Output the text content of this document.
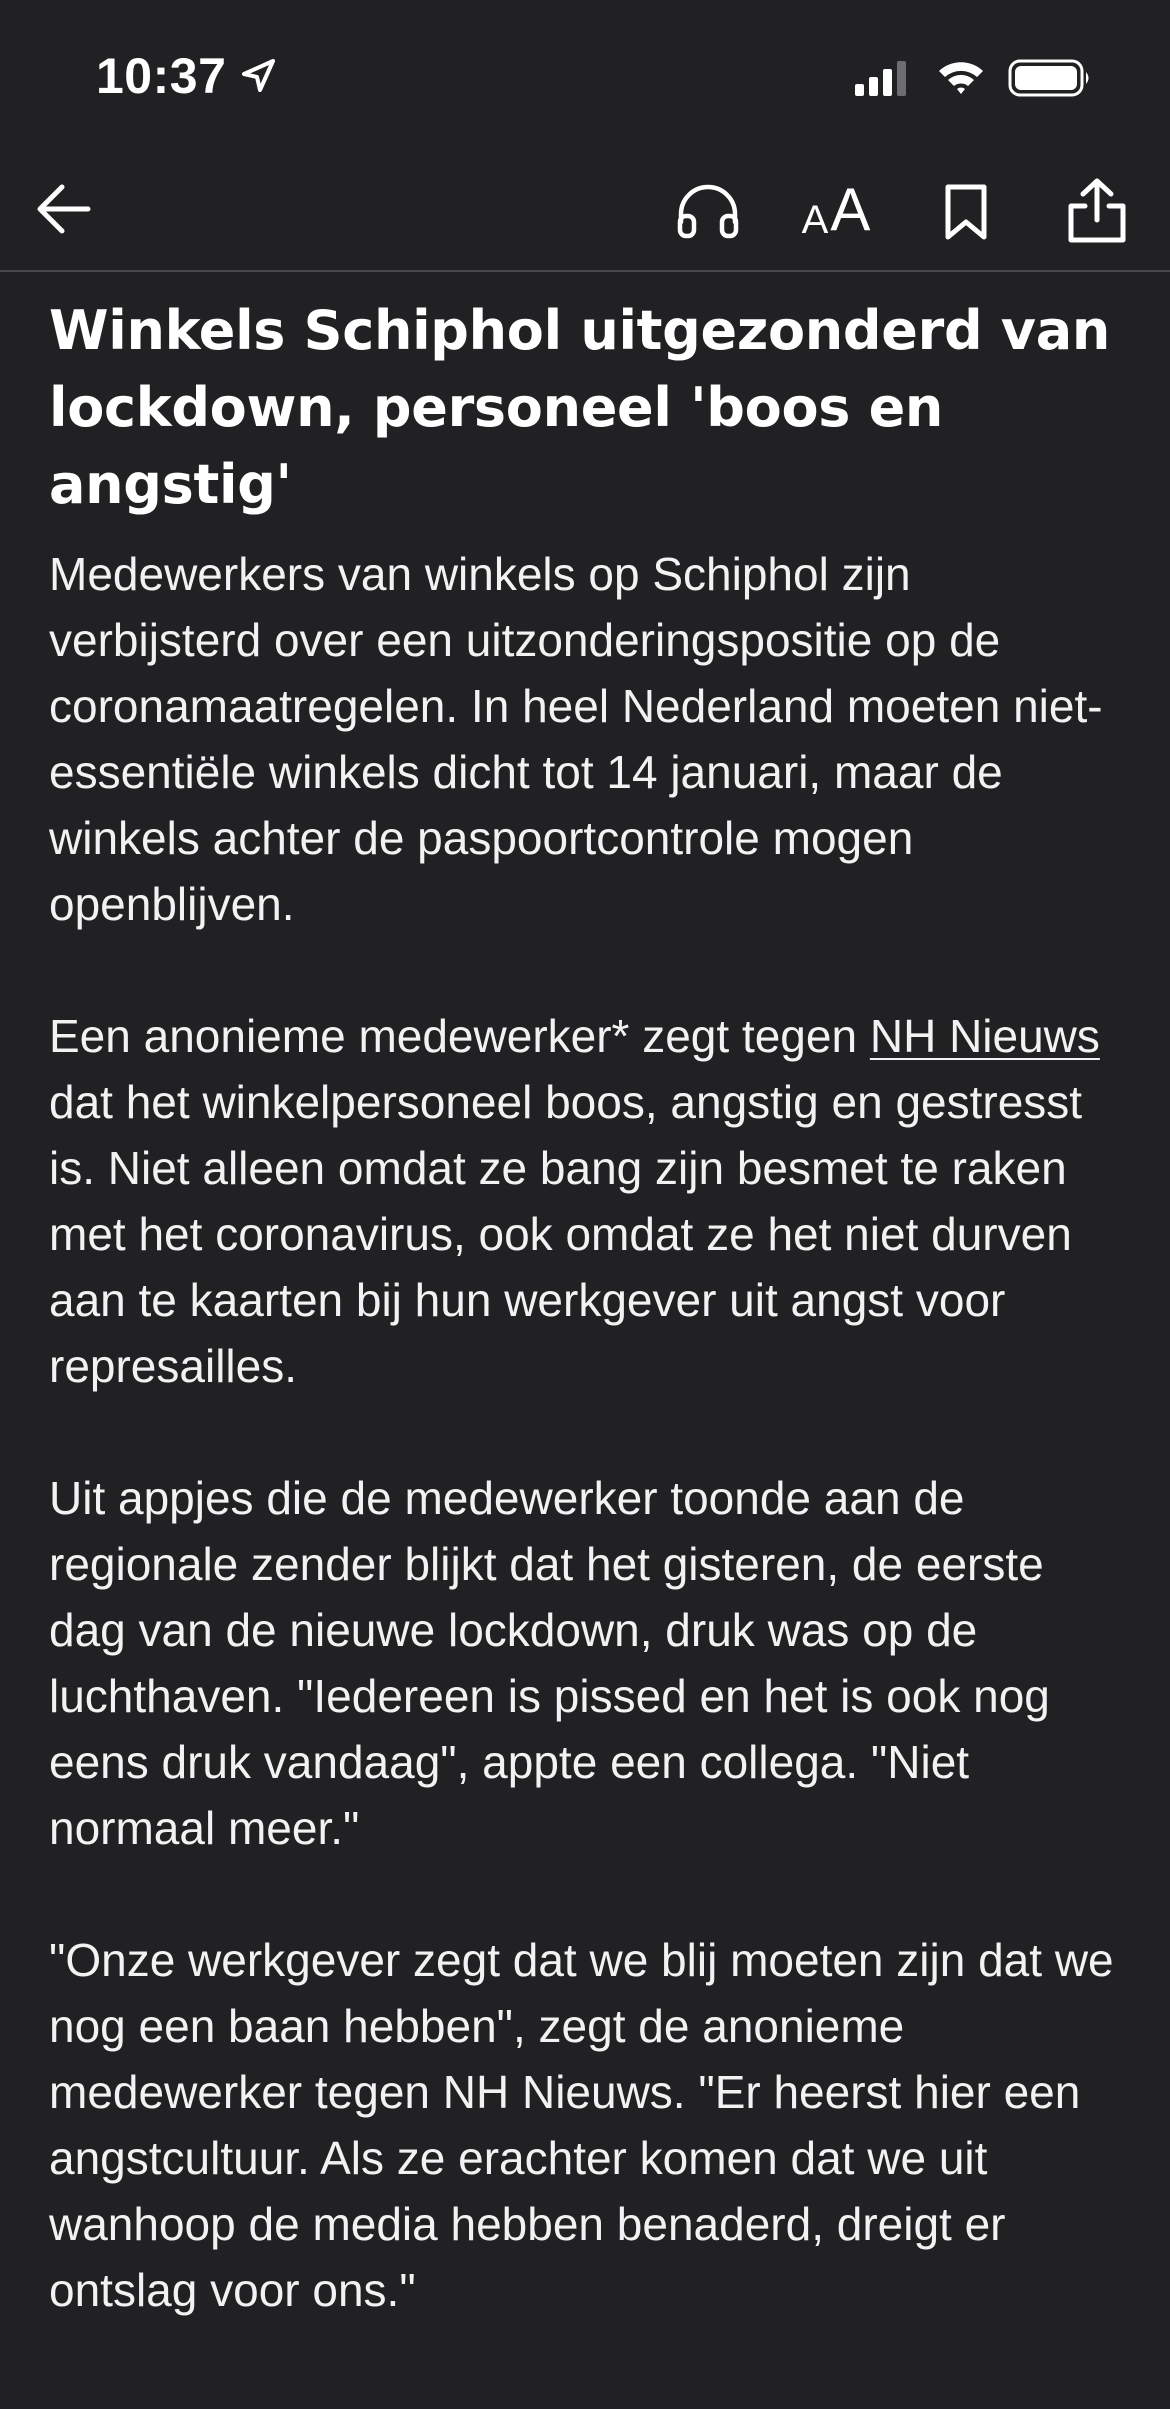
10:37
A A
Winkels Schiphol uitgezonderd van lockdown, personeel 'boos en angstig'

Medewerkers van winkels op Schiphol zijn verbijsterd over een uitzonderingspositie op de coronamaatregelen. In heel Nederland moeten niet-essentiële winkels dicht tot 14 januari, maar de winkels achter de paspoortcontrole mogen openblijven.

Een anonieme medewerker* zegt tegen NH Nieuws dat het winkelpersoneel boos, angstig en gestresst is. Niet alleen omdat ze bang zijn besmet te raken met het coronavirus, ook omdat ze het niet durven aan te kaarten bij hun werkgever uit angst voor represailles.

Uit appjes die de medewerker toonde aan de regionale zender blijkt dat het gisteren, de eerste dag van de nieuwe lockdown, druk was op de luchthaven. "Iedereen is pissed en het is ook nog eens druk vandaag", appte een collega. "Niet normaal meer."

"Onze werkgever zegt dat we blij moeten zijn dat we nog een baan hebben", zegt de anonieme medewerker tegen NH Nieuws. "Er heerst hier een angstcultuur. Als ze erachter komen dat we uit wanhoop de media hebben benaderd, dreigt er ontslag voor ons."
